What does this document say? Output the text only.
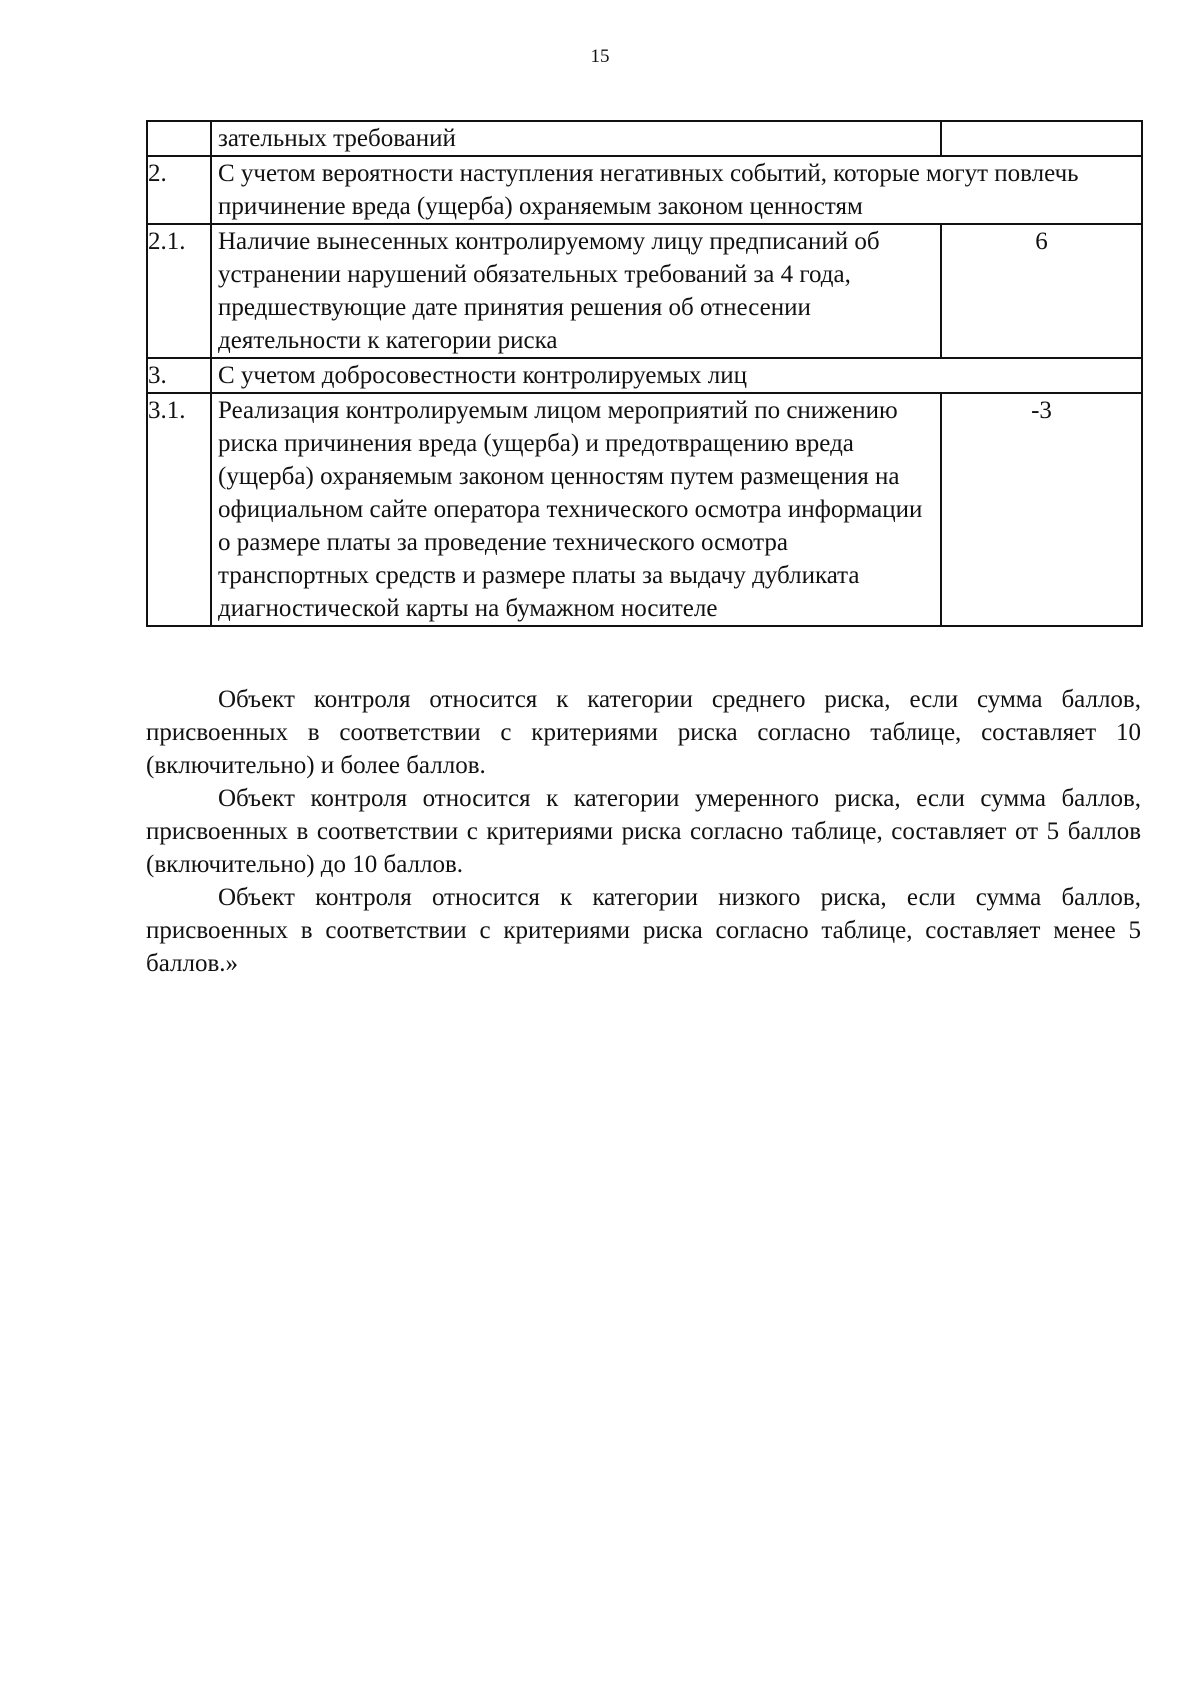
15
	зательных требований	
2.	С учетом вероятности наступления негативных событий, которые могут повлечь причинение вреда (ущерба) охраняемым законом ценностям	
2.1.	Наличие вынесенных контролируемому лицу предписаний об устранении нарушений обязательных требований за 4 года, предшествующие дате принятия решения об отнесении деятельности к категории риска	6
3.	С учетом добросовестности контролируемых лиц	
3.1.	Реализация контролируемым лицом мероприятий по снижению риска причинения вреда (ущерба) и предотвращению вреда (ущерба) охраняемым законом ценностям путем размещения на официальном сайте оператора технического осмотра информации о размере платы за проведение технического осмотра транспортных средств и размере платы за выдачу дубликата диагностической карты на бумажном носителе	-3

Объект контроля относится к категории среднего риска, если сумма баллов, присвоенных в соответствии с критериями риска согласно таблице, составляет 10 (включительно) и более баллов.

Объект контроля относится к категории умеренного риска, если сумма баллов, присвоенных в соответствии с критериями риска согласно таблице, составляет от 5 баллов (включительно) до 10 баллов.

Объект контроля относится к категории низкого риска, если сумма баллов, присвоенных в соответствии с критериями риска согласно таблице, составляет менее 5 баллов.»
